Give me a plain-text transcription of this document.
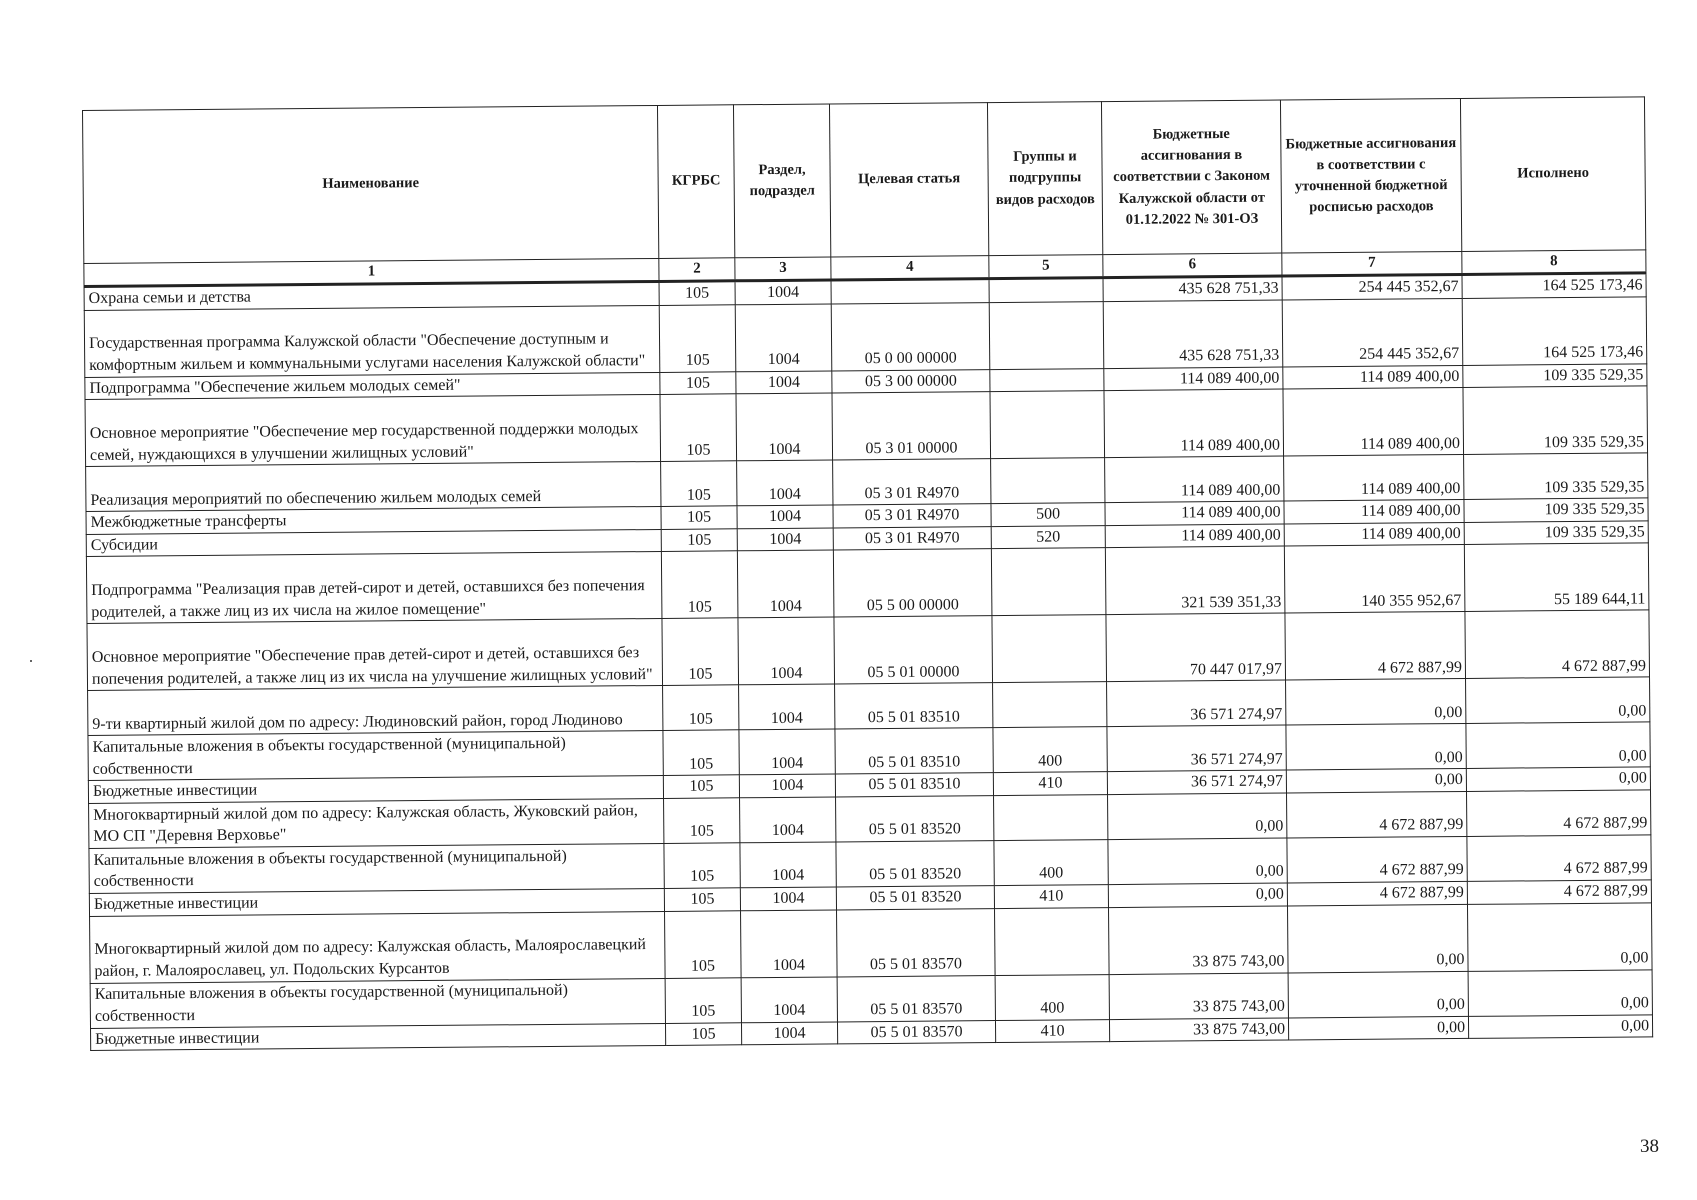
Наименование	КГРБС	Раздел, подраздел	Целевая статья	Группы и подгруппы видов расходов	Бюджетные ассигнования в соответствии с Законом Калужской области от 01.12.2022 № 301-ОЗ	Бюджетные ассигнования в соответствии с уточненной бюджетной росписью расходов	Исполнено
1	2	3	4	5	6	7	8
Охрана семьи и детства	105	1004			435 628 751,33	254 445 352,67	164 525 173,46
Государственная программа Калужской области "Обеспечение доступным и комфортным жильем и коммунальными услугами населения Калужской области"	105	1004	05 0 00 00000		435 628 751,33	254 445 352,67	164 525 173,46
Подпрограмма "Обеспечение жильем молодых семей"	105	1004	05 3 00 00000		114 089 400,00	114 089 400,00	109 335 529,35
Основное мероприятие "Обеспечение мер государственной поддержки молодых семей, нуждающихся в улучшении жилищных условий"	105	1004	05 3 01 00000		114 089 400,00	114 089 400,00	109 335 529,35
Реализация мероприятий по обеспечению жильем молодых семей	105	1004	05 3 01 R4970		114 089 400,00	114 089 400,00	109 335 529,35
Межбюджетные трансферты	105	1004	05 3 01 R4970	500	114 089 400,00	114 089 400,00	109 335 529,35
Субсидии	105	1004	05 3 01 R4970	520	114 089 400,00	114 089 400,00	109 335 529,35
Подпрограмма "Реализация прав детей-сирот и детей, оставшихся без попечения родителей, а также лиц из их числа на жилое помещение"	105	1004	05 5 00 00000		321 539 351,33	140 355 952,67	55 189 644,11
Основное мероприятие "Обеспечение прав детей-сирот и детей, оставшихся без попечения родителей, а также лиц из их числа на улучшение жилищных условий"	105	1004	05 5 01 00000		70 447 017,97	4 672 887,99	4 672 887,99
9-ти квартирный жилой дом по адресу: Людиновский район, город Людиново	105	1004	05 5 01 83510		36 571 274,97	0,00	0,00
Капитальные вложения в объекты государственной (муниципальной) собственности	105	1004	05 5 01 83510	400	36 571 274,97	0,00	0,00
Бюджетные инвестиции	105	1004	05 5 01 83510	410	36 571 274,97	0,00	0,00
Многоквартирный жилой дом по адресу: Калужская область, Жуковский район, МО СП "Деревня Верховье"	105	1004	05 5 01 83520		0,00	4 672 887,99	4 672 887,99
Капитальные вложения в объекты государственной (муниципальной) собственности	105	1004	05 5 01 83520	400	0,00	4 672 887,99	4 672 887,99
Бюджетные инвестиции	105	1004	05 5 01 83520	410	0,00	4 672 887,99	4 672 887,99
Многоквартирный жилой дом по адресу: Калужская область, Малоярославецкий район, г. Малоярославец, ул. Подольских Курсантов	105	1004	05 5 01 83570		33 875 743,00	0,00	0,00
Капитальные вложения в объекты государственной (муниципальной) собственности	105	1004	05 5 01 83570	400	33 875 743,00	0,00	0,00
Бюджетные инвестиции	105	1004	05 5 01 83570	410	33 875 743,00	0,00	0,00
38
